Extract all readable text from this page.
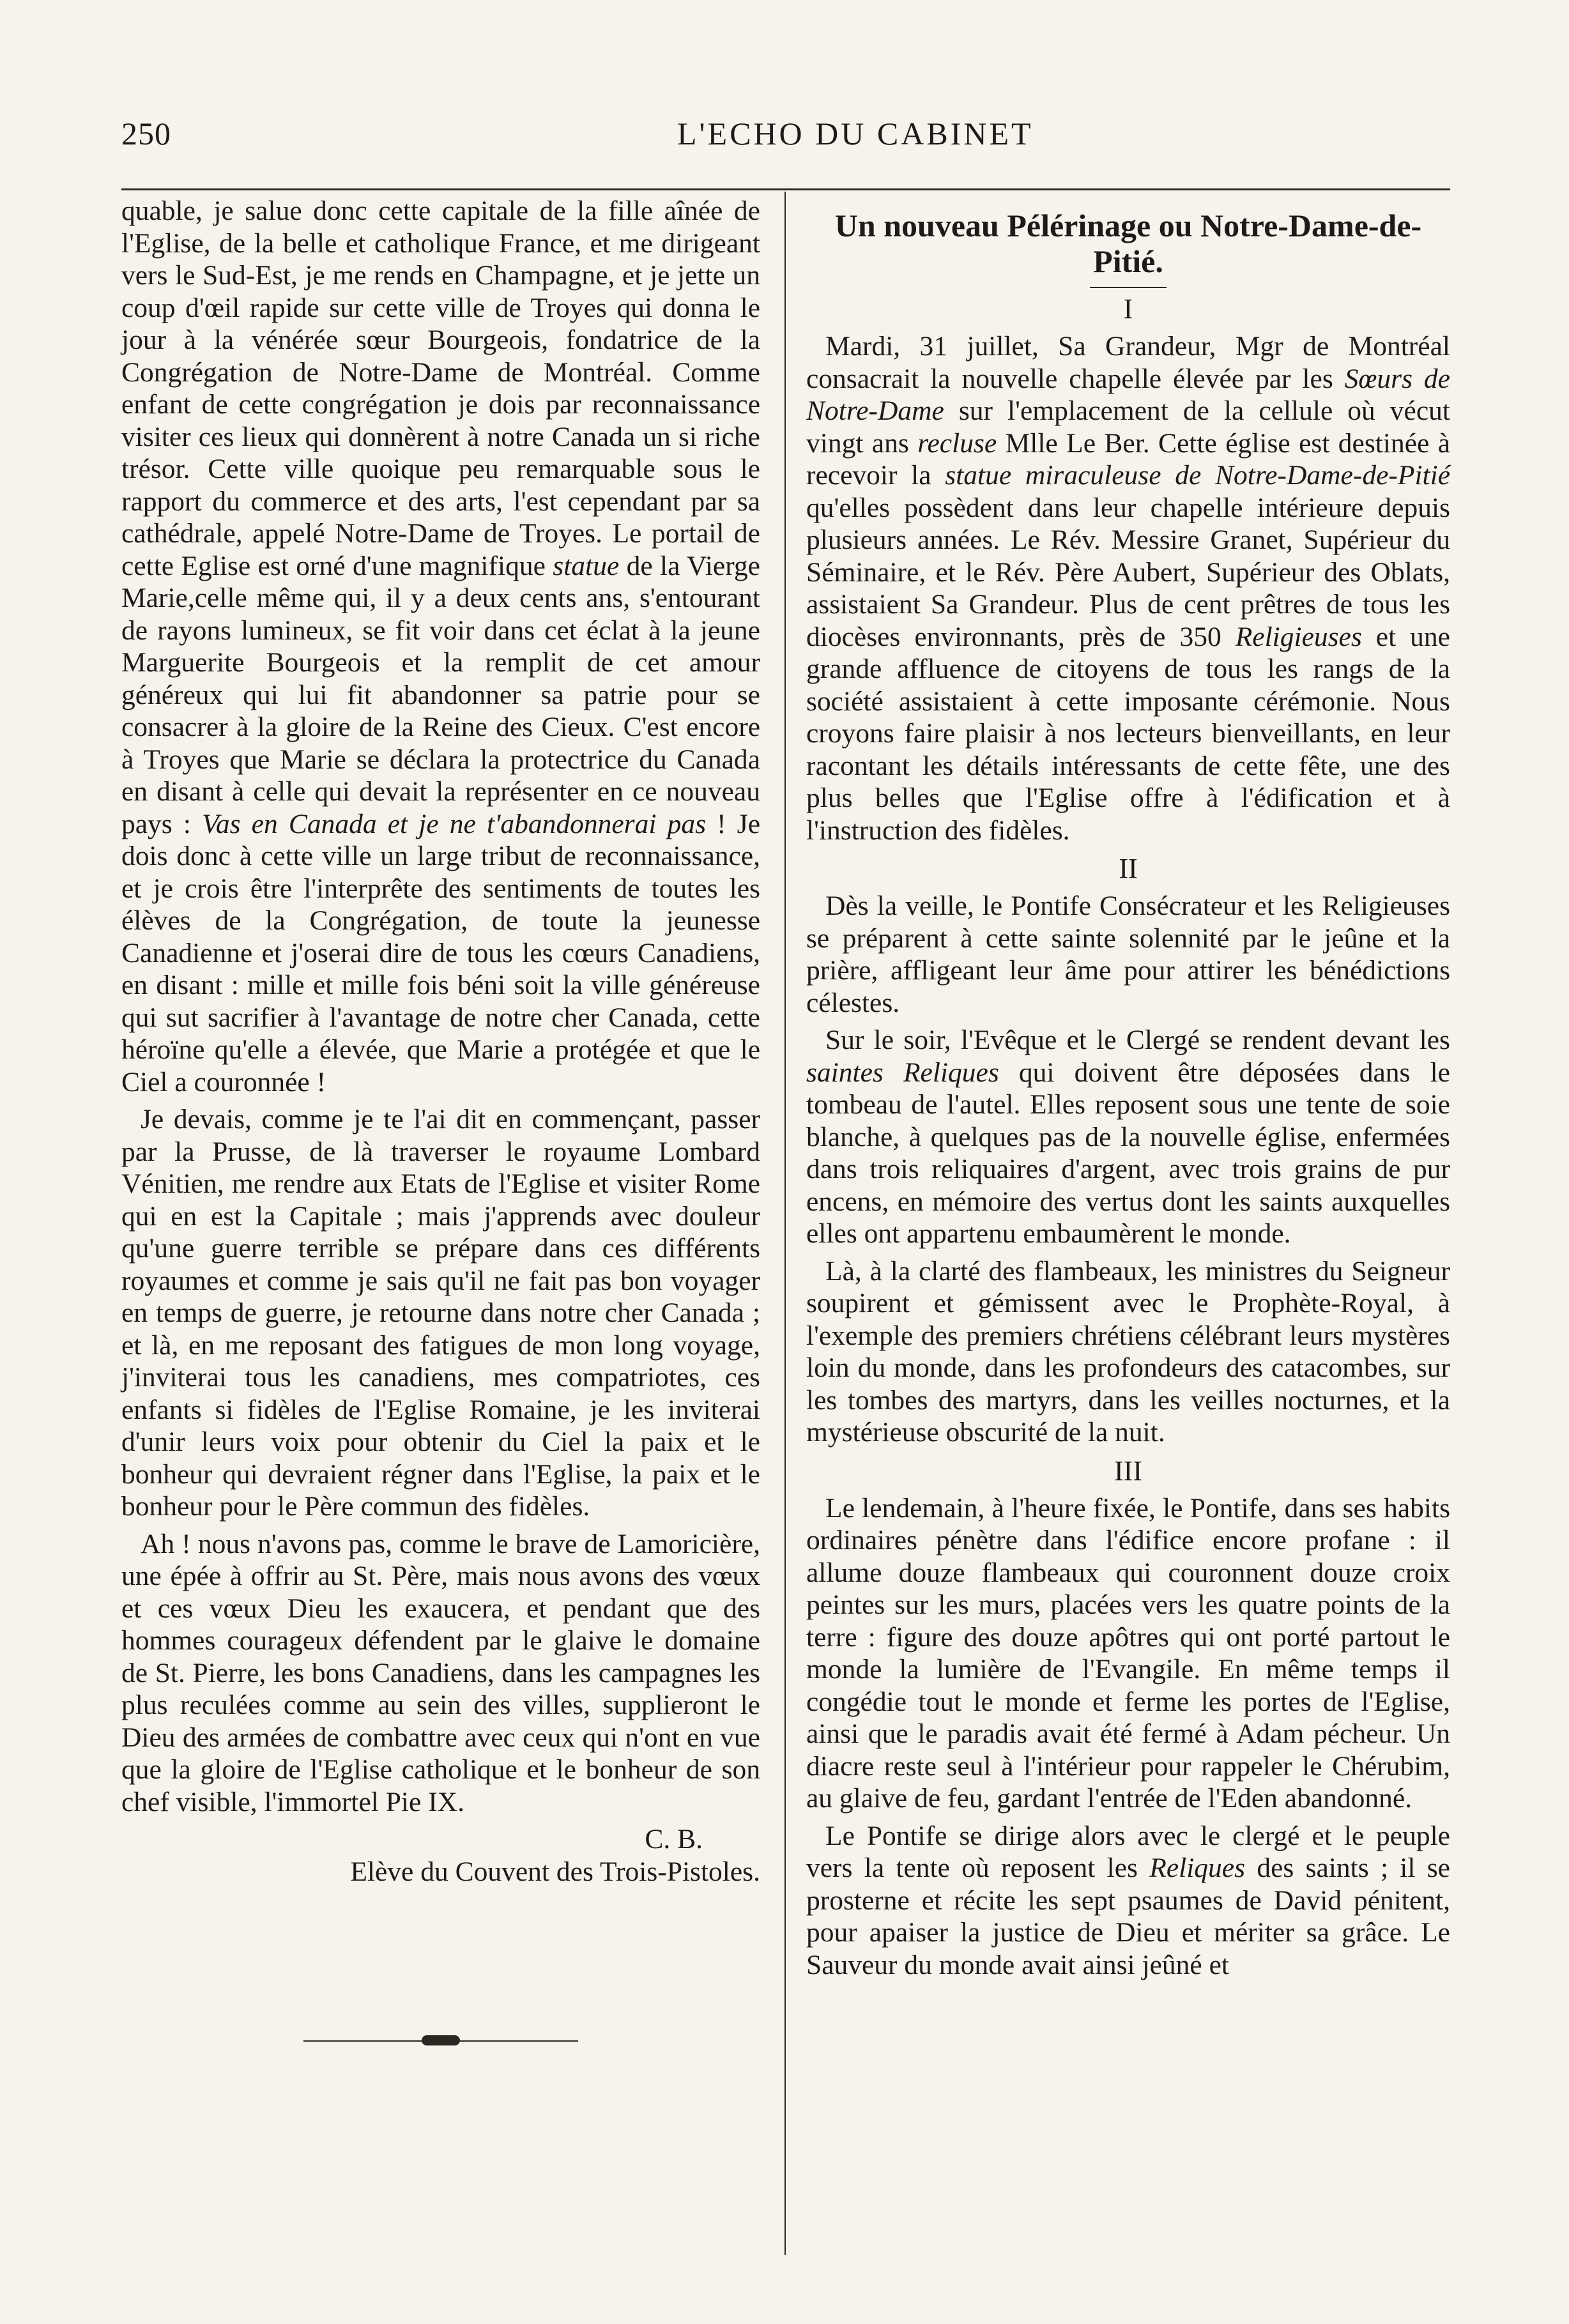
250	L'ECHO DU CABINET

quable, je salue donc cette capitale de la fille aînée de l'Eglise, de la belle et catholique France, et me dirigeant vers le Sud-Est, je me rends en Champagne, et je jette un coup d'œil rapide sur cette ville de Troyes qui donna le jour à la vénérée sœur Bourgeois, fondatrice de la Congrégation de Notre-Dame de Montréal. Comme enfant de cette congrégation je dois par reconnaissance visiter ces lieux qui donnèrent à notre Canada un si riche trésor. Cette ville quoique peu remarquable sous le rapport du commerce et des arts, l'est cependant par sa cathédrale, appelé Notre-Dame de Troyes. Le portail de cette Eglise est orné d'une magnifique statue de la Vierge Marie,celle même qui, il y a deux cents ans, s'entourant de rayons lumineux, se fit voir dans cet éclat à la jeune Marguerite Bourgeois et la remplit de cet amour généreux qui lui fit abandonner sa patrie pour se consacrer à la gloire de la Reine des Cieux. C'est encore à Troyes que Marie se déclara la protectrice du Canada en disant à celle qui devait la représenter en ce nouveau pays : Vas en Canada et je ne t'abandonnerai pas ! Je dois donc à cette ville un large tribut de reconnaissance, et je crois être l'interprête des sentiments de toutes les élèves de la Congrégation, de toute la jeunesse Canadienne et j'oserai dire de tous les cœurs Canadiens, en disant : mille et mille fois béni soit la ville généreuse qui sut sacrifier à l'avantage de notre cher Canada, cette héroïne qu'elle a élevée, que Marie a protégée et que le Ciel a couronnée !

Je devais, comme je te l'ai dit en commençant, passer par la Prusse, de là traverser le royaume Lombard Vénitien, me rendre aux Etats de l'Eglise et visiter Rome qui en est la Capitale ; mais j'apprends avec douleur qu'une guerre terrible se prépare dans ces différents royaumes et comme je sais qu'il ne fait pas bon voyager en temps de guerre, je retourne dans notre cher Canada ; et là, en me reposant des fatigues de mon long voyage, j'inviterai tous les canadiens, mes compatriotes, ces enfants si fidèles de l'Eglise Romaine, je les inviterai d'unir leurs voix pour obtenir du Ciel la paix et le bonheur qui devraient régner dans l'Eglise, la paix et le bonheur pour le Père commun des fidèles.

Ah ! nous n'avons pas, comme le brave de Lamoricière, une épée à offrir au St. Père, mais nous avons des vœux et ces vœux Dieu les exaucera, et pendant que des hommes courageux défendent par le glaive le domaine de St. Pierre, les bons Canadiens, dans les campagnes les plus reculées comme au sein des villes, supplieront le Dieu des armées de combattre avec ceux qui n'ont en vue que la gloire de l'Eglise catholique et le bonheur de son chef visible, l'immortel Pie IX.

C. B.

Elève du Couvent des Trois-Pistoles.

Un nouveau Pélérinage ou Notre-Dame-de-Pitié.
I

Mardi, 31 juillet, Sa Grandeur, Mgr de Montréal consacrait la nouvelle chapelle élevée par les Sœurs de Notre-Dame sur l'emplacement de la cellule où vécut vingt ans recluse Mlle Le Ber. Cette église est destinée à recevoir la statue miraculeuse de Notre-Dame-de-Pitié qu'elles possèdent dans leur chapelle intérieure depuis plusieurs années. Le Rév. Messire Granet, Supérieur du Séminaire, et le Rév. Père Aubert, Supérieur des Oblats, assistaient Sa Grandeur. Plus de cent prêtres de tous les diocèses environnants, près de 350 Religieuses et une grande affluence de citoyens de tous les rangs de la société assistaient à cette imposante cérémonie. Nous croyons faire plaisir à nos lecteurs bienveillants, en leur racontant les détails intéressants de cette fête, une des plus belles que l'Eglise offre à l'édification et à l'instruction des fidèles.

II

Dès la veille, le Pontife Consécrateur et les Religieuses se préparent à cette sainte solennité par le jeûne et la prière, affligeant leur âme pour attirer les bénédictions célestes.

Sur le soir, l'Evêque et le Clergé se rendent devant les saintes Reliques qui doivent être déposées dans le tombeau de l'autel. Elles reposent sous une tente de soie blanche, à quelques pas de la nouvelle église, enfermées dans trois reliquaires d'argent, avec trois grains de pur encens, en mémoire des vertus dont les saints auxquelles elles ont appartenu embaumèrent le monde.

Là, à la clarté des flambeaux, les ministres du Seigneur soupirent et gémissent avec le Prophète-Royal, à l'exemple des premiers chrétiens célébrant leurs mystères loin du monde, dans les profondeurs des catacombes, sur les tombes des martyrs, dans les veilles nocturnes, et la mystérieuse obscurité de la nuit.

III

Le lendemain, à l'heure fixée, le Pontife, dans ses habits ordinaires pénètre dans l'édifice encore profane : il allume douze flambeaux qui couronnent douze croix peintes sur les murs, placées vers les quatre points de la terre : figure des douze apôtres qui ont porté partout le monde la lumière de l'Evangile. En même temps il congédie tout le monde et ferme les portes de l'Eglise, ainsi que le paradis avait été fermé à Adam pécheur. Un diacre reste seul à l'intérieur pour rappeler le Chérubim, au glaive de feu, gardant l'entrée de l'Eden abandonné.

Le Pontife se dirige alors avec le clergé et le peuple vers la tente où reposent les Reliques des saints ; il se prosterne et récite les sept psaumes de David pénitent, pour apaiser la justice de Dieu et mériter sa grâce. Le Sauveur du monde avait ainsi jeûné et
